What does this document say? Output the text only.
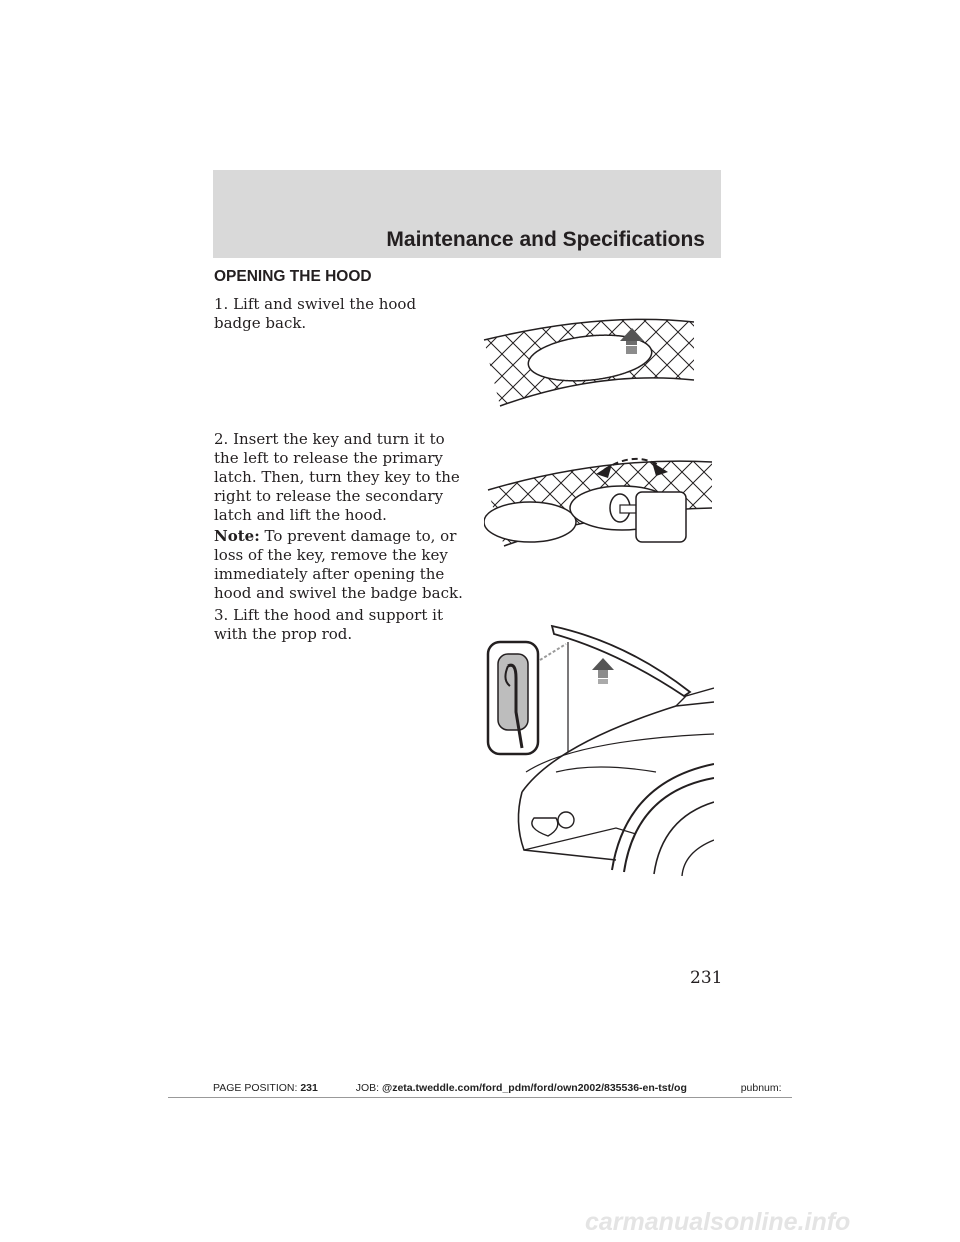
Maintenance and Specifications
OPENING THE HOOD
1. Lift and swivel the hood badge back.
2. Insert the key and turn it to the left to release the primary latch. Then, turn they key to the right to release the secondary latch and lift the hood.
Note: To prevent damage to, or loss of the key, remove the key immediately after opening the hood and swivel the badge back.
3. Lift the hood and support it with the prop rod.
231
PAGE POSITION: 231	JOB: @zeta.tweddle.com/ford_pdm/ford/own2002/835536-en-tst/og	pubnum:
carmanualsonline.info
